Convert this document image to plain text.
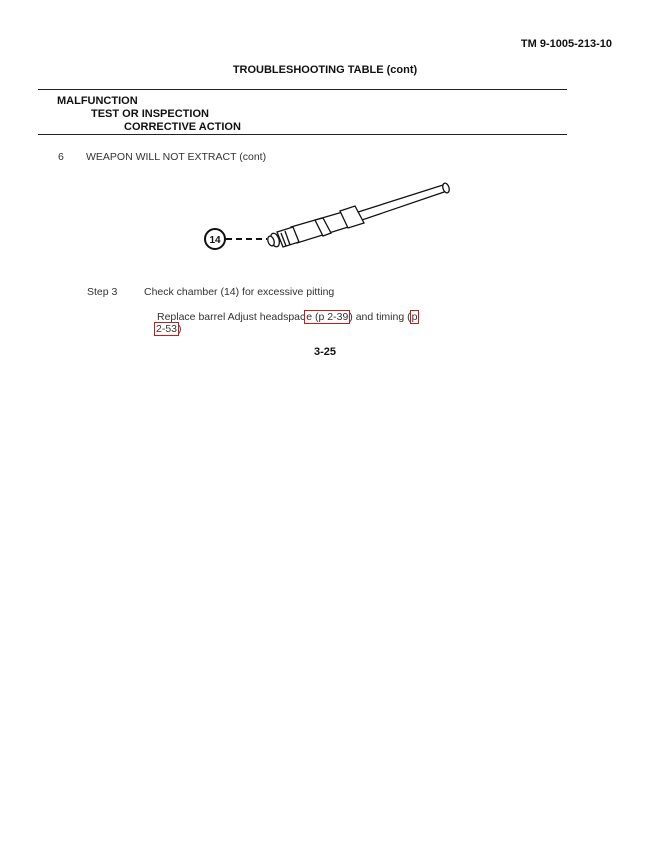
TM 9-1005-213-10
TROUBLESHOOTING TABLE (cont)
MALFUNCTION
TEST OR INSPECTION
CORRECTIVE ACTION
6 WEAPON WILL NOT EXTRACT (cont)
14
Step 3	Check chamber (14) for excessive pitting
Replace barrel Adjust headspace (p 2-39) and timing (p
2-53)
3-25
